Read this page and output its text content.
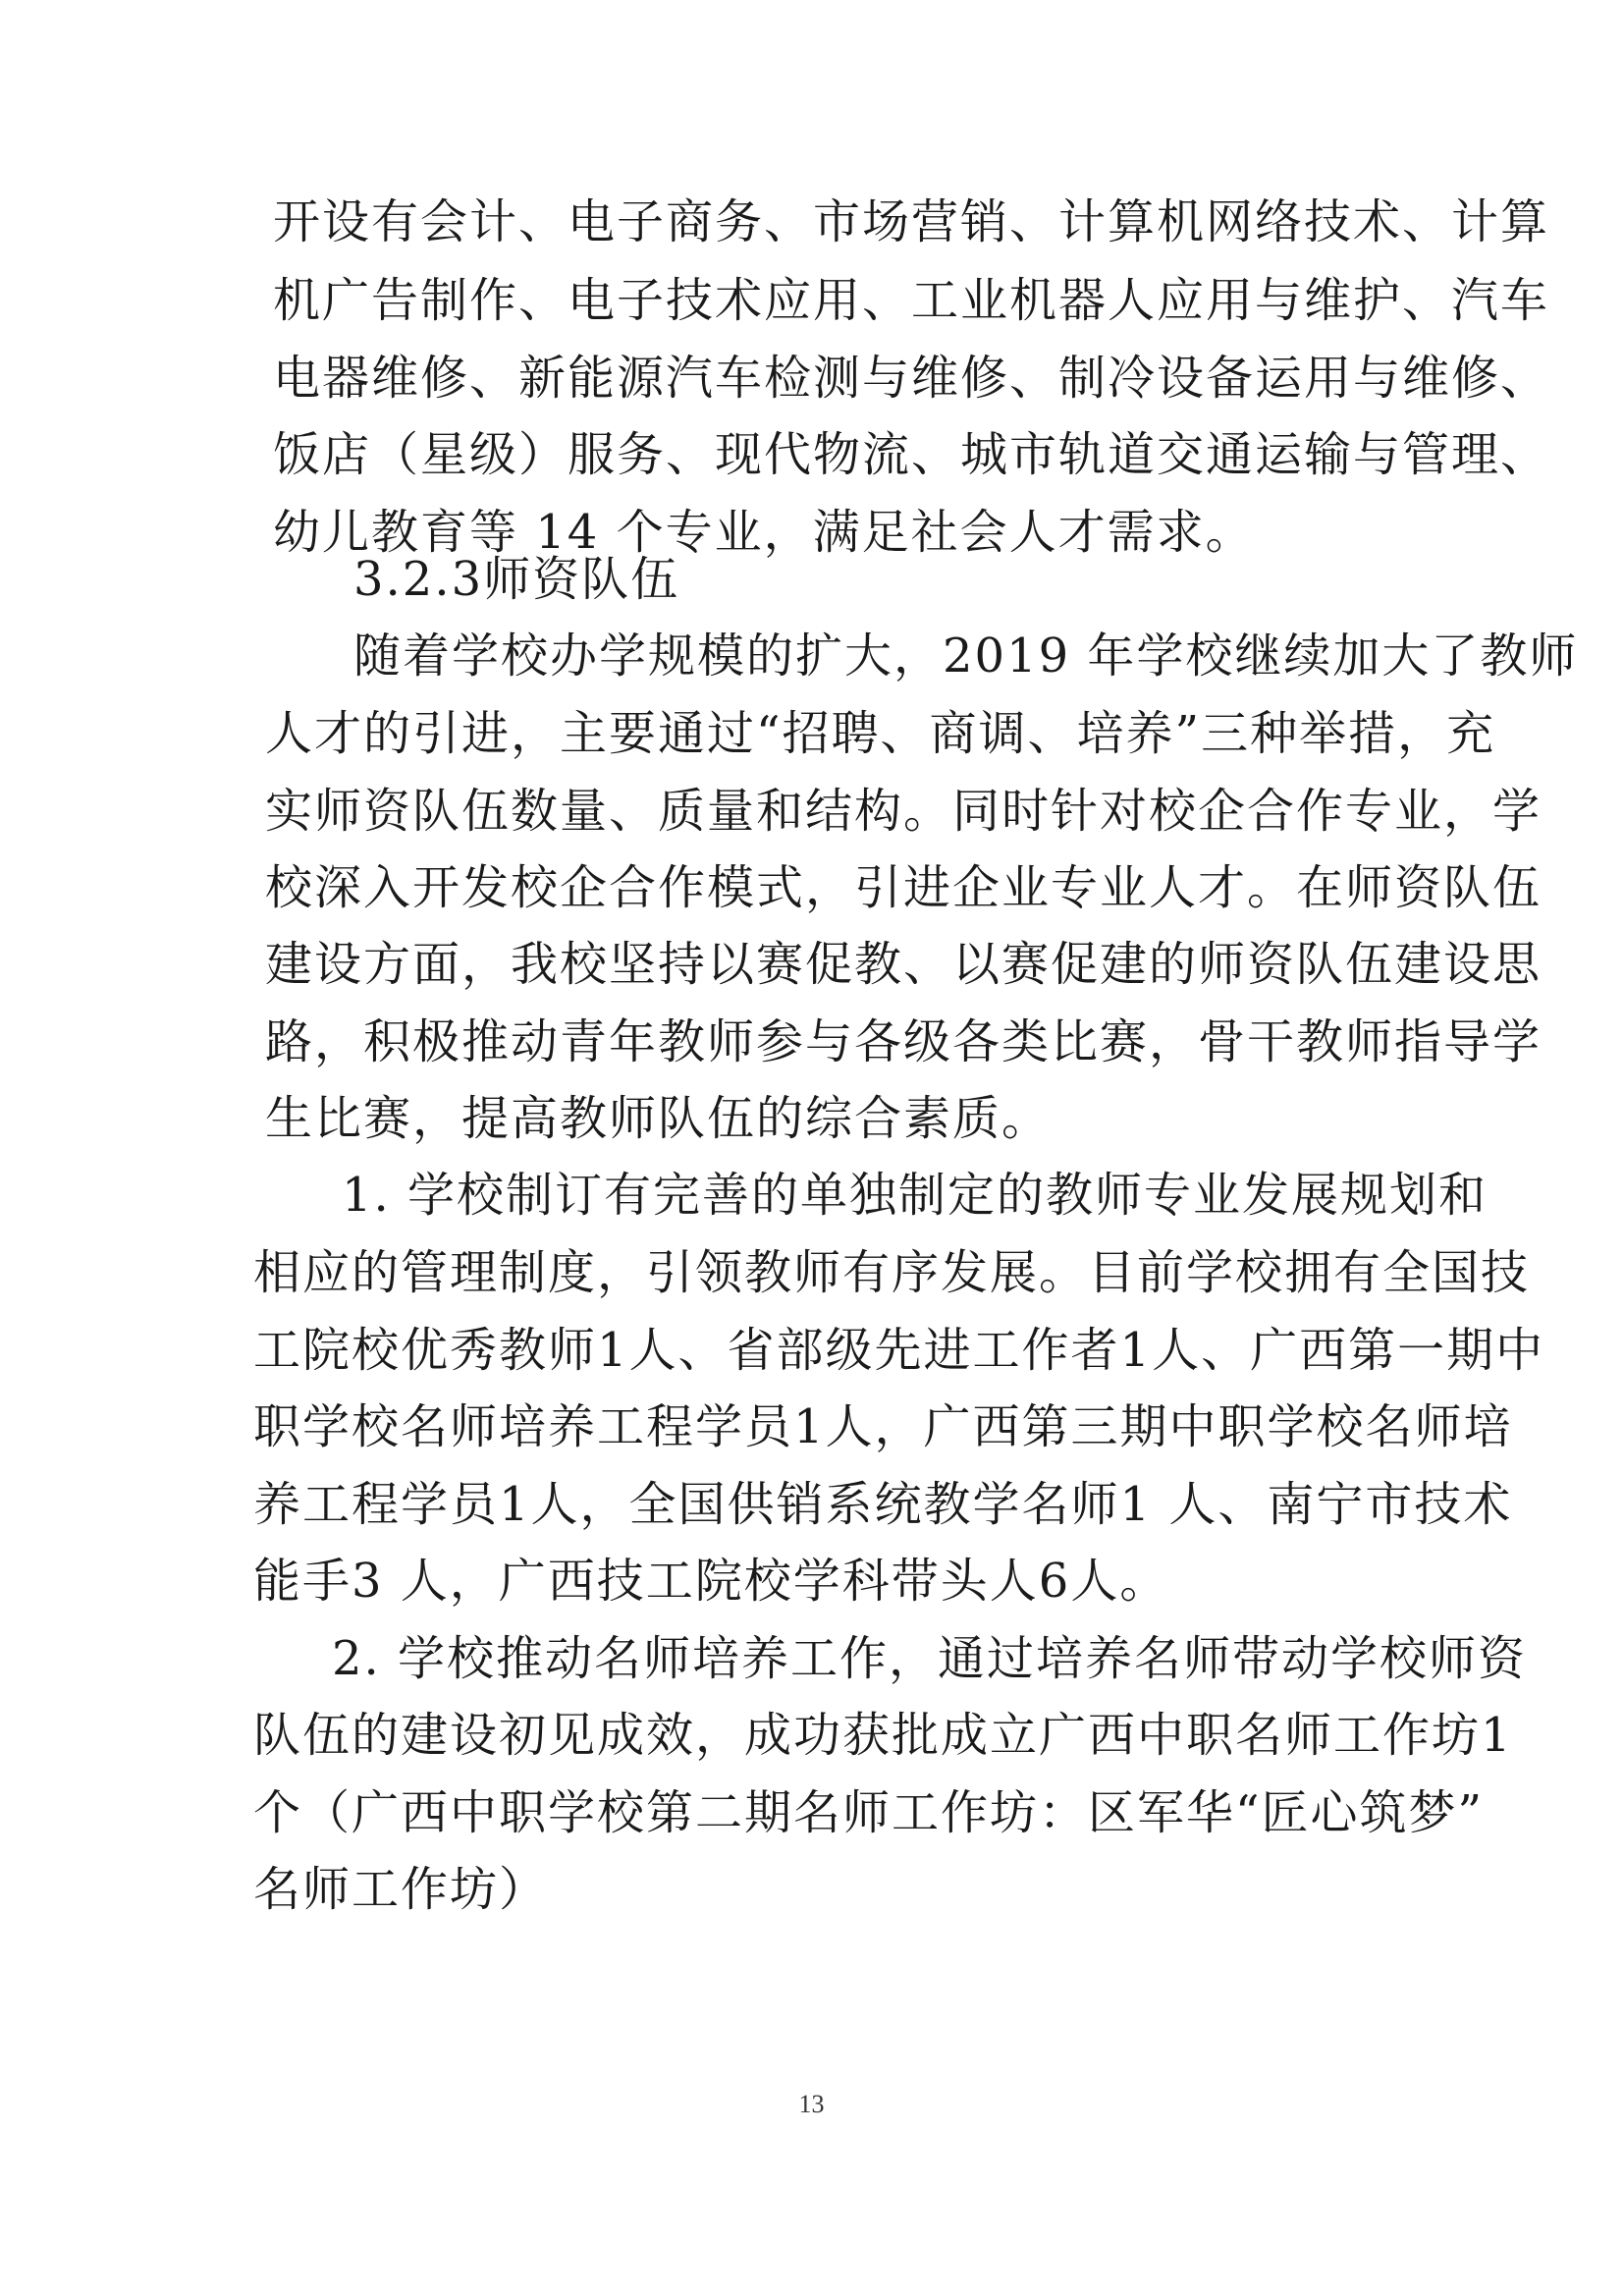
开设有会计、电子商务、市场营销、计算机网络技术、计算
机广告制作、电子技术应用、工业机器人应用与维护、汽车
电器维修、新能源汽车检测与维修、制冷设备运用与维修、
饭店（星级）服务、现代物流、城市轨道交通运输与管理、
幼儿教育等 14 个专业，满足社会人才需求。
3.2.3师资队伍
随着学校办学规模的扩大，2019 年学校继续加大了教师
人才的引进，主要通过“招聘、商调、培养”三种举措，充
实师资队伍数量、质量和结构。同时针对校企合作专业，学
校深入开发校企合作模式，引进企业专业人才。在师资队伍
建设方面，我校坚持以赛促教、以赛促建的师资队伍建设思
路，积极推动青年教师参与各级各类比赛，骨干教师指导学
生比赛，提高教师队伍的综合素质。
1. 学校制订有完善的单独制定的教师专业发展规划和
相应的管理制度，引领教师有序发展。目前学校拥有全国技
工院校优秀教师1人、省部级先进工作者1人、广西第一期中
职学校名师培养工程学员1人，广西第三期中职学校名师培
养工程学员1人，全国供销系统教学名师1 人、南宁市技术
能手3 人，广西技工院校学科带头人6人。
2. 学校推动名师培养工作，通过培养名师带动学校师资
队伍的建设初见成效，成功获批成立广西中职名师工作坊1
个（广西中职学校第二期名师工作坊：区军华“匠心筑梦”
名师工作坊）
13
